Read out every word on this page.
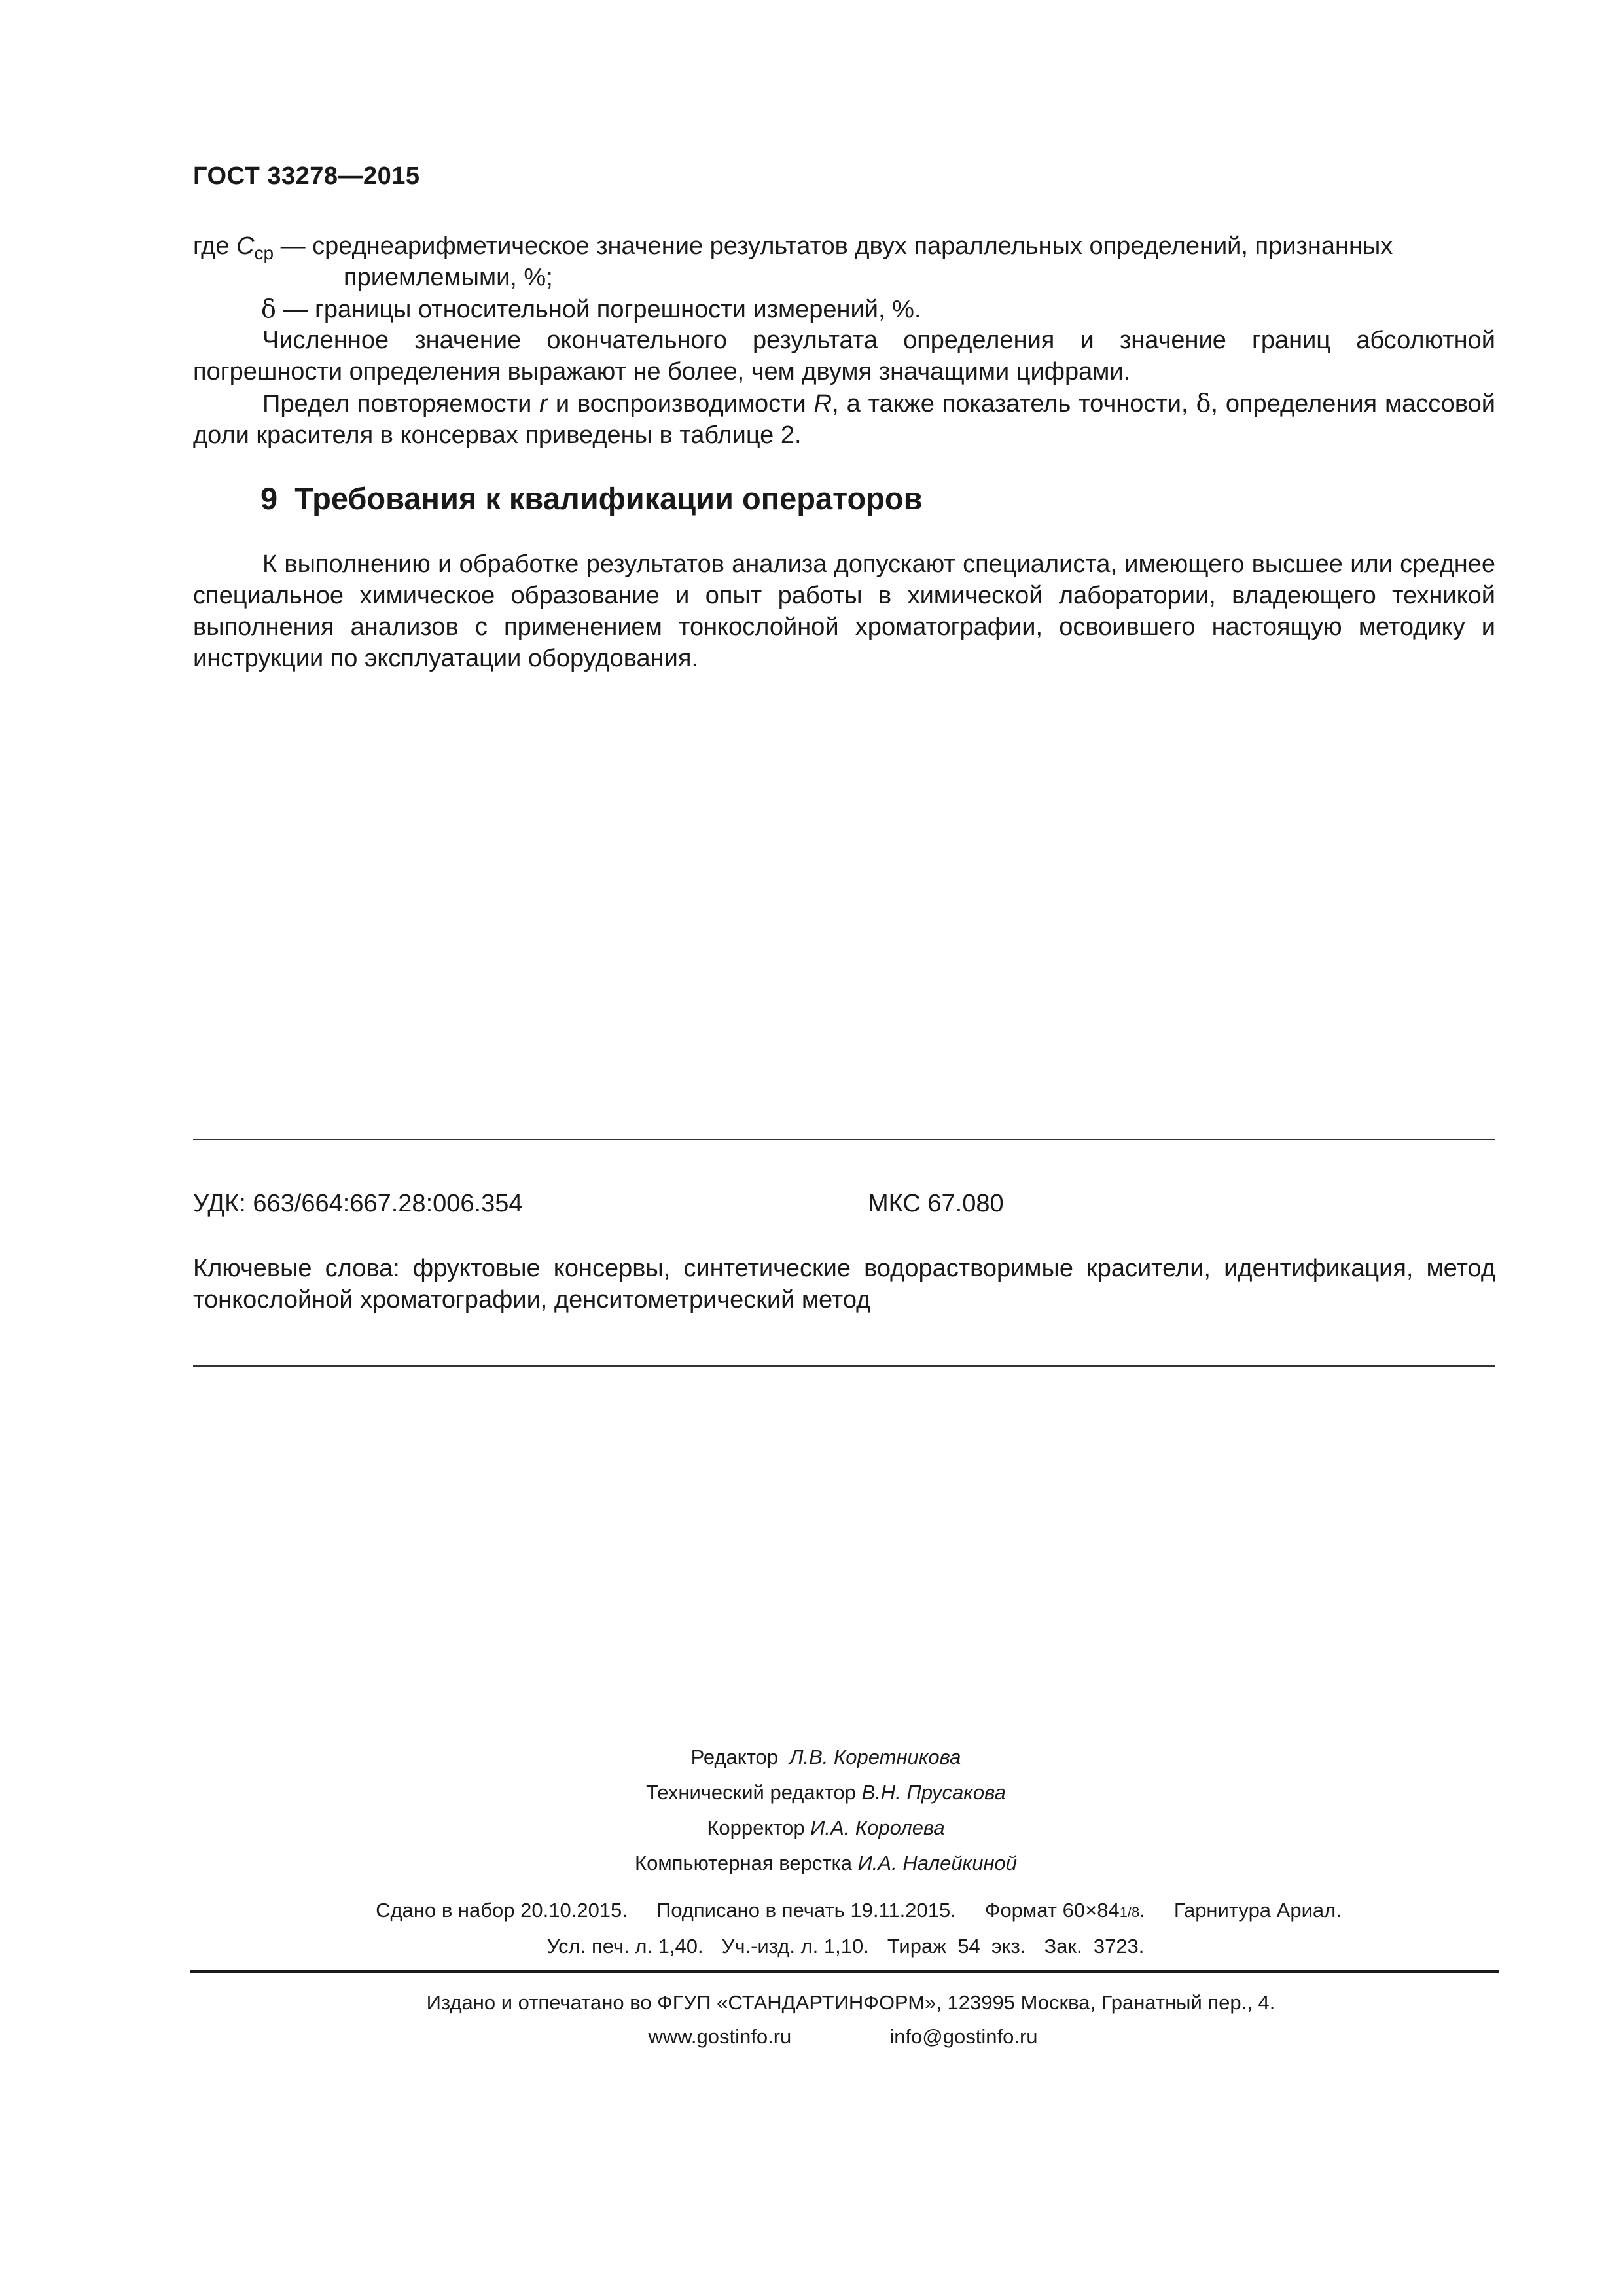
ГОСТ 33278—2015
где $C_{ср}$ — среднеарифметическое значение результатов двух параллельных определений, признанных
приемлемыми, %;
δ — границы относительной погрешности измерений, %.
Численное значение окончательного результата определения и значение границ абсолютной погрешности определения выражают не более, чем двумя значащими цифрами.
Предел повторяемости r и воспроизводимости R, а также показатель точности, δ, определения массовой доли красителя в консервах приведены в таблице 2.
9  Требования к квалификации операторов
К выполнению и обработке результатов анализа допускают специалиста, имеющего высшее или среднее специальное химическое образование и опыт работы в химической лаборатории, владеющего техникой выполнения анализов с применением тонкослойной хроматографии, освоившего настоящую методику и инструкции по эксплуатации оборудования.
УДК: 663/664:667.28:006.354	МКС 67.080
Ключевые слова: фруктовые консервы, синтетические водорастворимые красители, идентификация, метод тонкослойной хроматографии, денситометрический метод
Редактор  Л.В. Коретникова
Технический редактор В.Н. Прусакова
Корректор И.А. Королева
Компьютерная верстка И.А. Налейкиной
Сдано в набор 20.10.2015. Подписано в печать 19.11.2015. Формат 60×841/8. Гарнитура Ариал.
Усл. печ. л. 1,40. Уч.-изд. л. 1,10. Тираж  54  экз. Зак.  3723.
Издано и отпечатано во ФГУП «СТАНДАРТИНФОРМ», 123995 Москва, Гранатный пер., 4.
www.gostinfo.ru	info@gostinfo.ru
